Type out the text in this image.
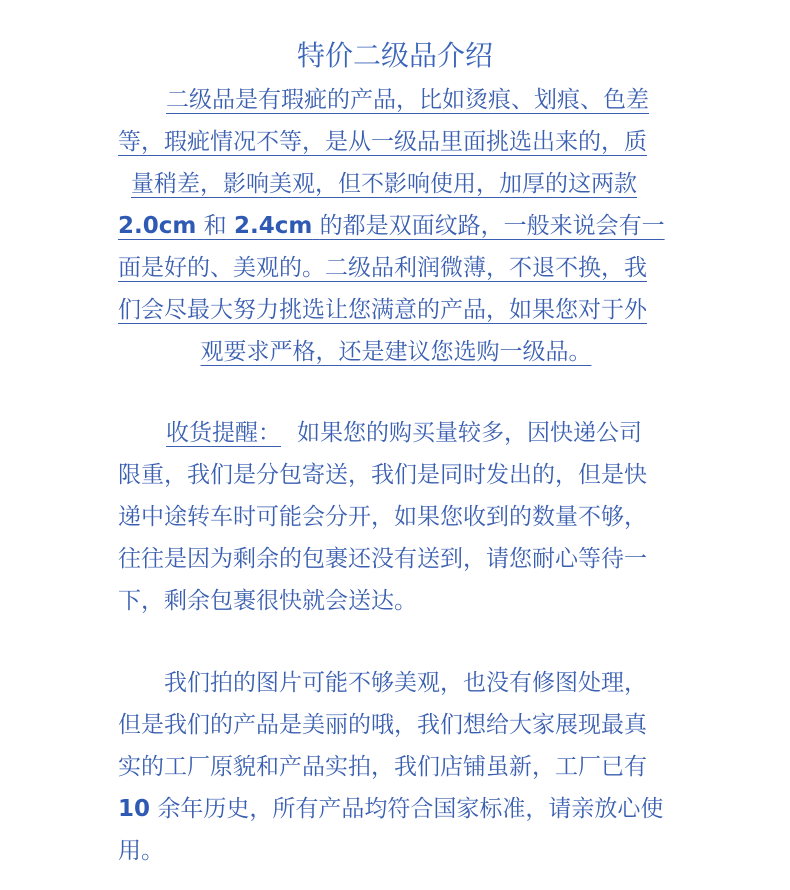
特价二级品介绍
二级品是有瑕疵的产品，比如烫痕、划痕、色差
等，瑕疵情况不等，是从一级品里面挑选出来的，质
量稍差，影响美观，但不影响使用，加厚的这两款
2.0cm 和 2.4cm 的都是双面纹路，一般来说会有一
面是好的、美观的。二级品利润微薄，不退不换，我
们会尽最大努力挑选让您满意的产品，如果您对于外
观要求严格，还是建议您选购一级品。
收货提醒： 如果您的购买量较多，因快递公司
限重，我们是分包寄送，我们是同时发出的，但是快
递中途转车时可能会分开，如果您收到的数量不够，
往往是因为剩余的包裹还没有送到，请您耐心等待一
下，剩余包裹很快就会送达。
我们拍的图片可能不够美观，也没有修图处理，
但是我们的产品是美丽的哦，我们想给大家展现最真
实的工厂原貌和产品实拍，我们店铺虽新，工厂已有
10 余年历史，所有产品均符合国家标准，请亲放心使
用。
